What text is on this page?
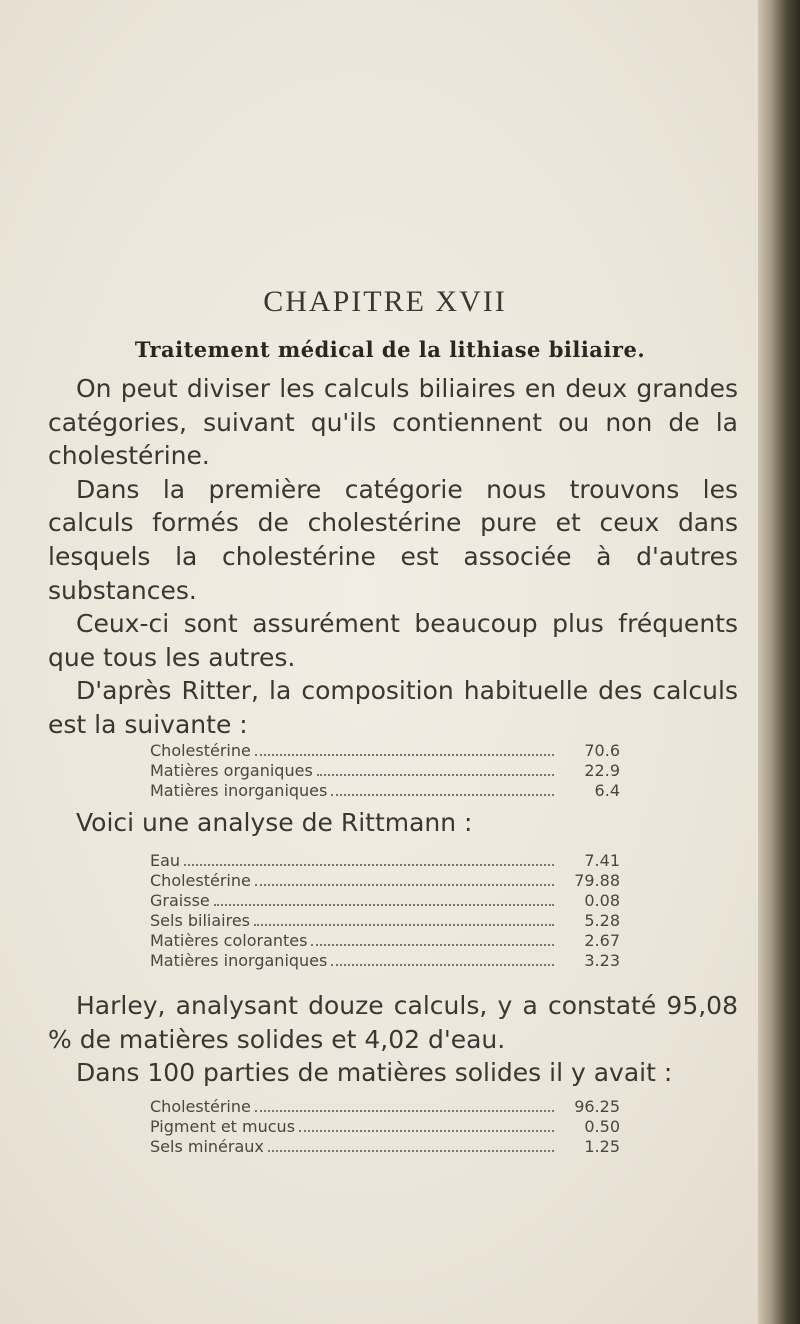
CHAPITRE XVII
Traitement médical de la lithiase biliaire.

On peut diviser les calculs biliaires en deux grandes catégories, suivant qu'ils contiennent ou non de la cholestérine.

Dans la première catégorie nous trouvons les calculs formés de cholestérine pure et ceux dans lesquels la cholestérine est associée à d'autres substances.

Ceux-ci sont assurément beaucoup plus fréquents que tous les autres.

D'après Ritter, la composition habituelle des calculs est la suivante :

Cholestérine	70.6
Matières organiques	22.9
Matières inorganiques	6.4

Voici une analyse de Rittmann :

Eau	7.41
Cholestérine	79.88
Graisse	0.08
Sels biliaires	5.28
Matières colorantes	2.67
Matières inorganiques	3.23

Harley, analysant douze calculs, y a constaté 95,08 % de matières solides et 4,02 d'eau.

Dans 100 parties de matières solides il y avait :

Cholestérine	96.25
Pigment et mucus	0.50
Sels minéraux	1.25
